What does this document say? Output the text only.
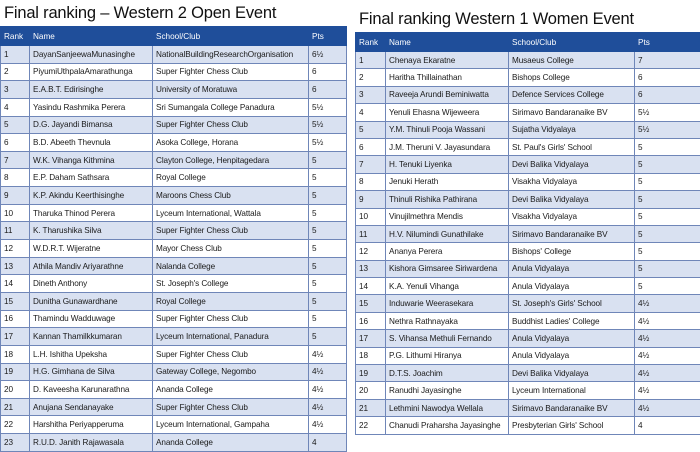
Final ranking – Western 2 Open Event
Rank	Name	School/Club	Pts
1	DayanSanjeewaMunasinghe	NationalBuildingResearchOrganisation	6½
2	PiyumiUthpalaAmarathunga	Super Fighter Chess Club	6
3	E.A.B.T. Edirisinghe	University of Moratuwa	6
4	Yasindu Rashmika Perera	Sri Sumangala College Panadura	5½
5	D.G. Jayandi Bimansa	Super Fighter Chess Club	5½
6	B.D. Abeeth Thevnula	Asoka College, Horana	5½
7	W.K. Vihanga Kithmina	Clayton College, Henpitagedara	5
8	E.P. Daham Sathsara	Royal College	5
9	K.P. Akindu Keerthisinghe	Maroons Chess Club	5
10	Tharuka Thinod Perera	Lyceum International, Wattala	5
11	K. Tharushika Silva	Super Fighter Chess Club	5
12	W.D.R.T. Wijeratne	Mayor Chess Club	5
13	Athila Mandiv Ariyarathne	Nalanda College	5
14	Dineth Anthony	St. Joseph's College	5
15	Dunitha Gunawardhane	Royal College	5
16	Thamindu Wadduwage	Super Fighter Chess Club	5
17	Kannan Thamilkkumaran	Lyceum International, Panadura	5
18	L.H. Ishitha Upeksha	Super Fighter Chess Club	4½
19	H.G. Gimhana de Silva	Gateway College, Negombo	4½
20	D. Kaveesha Karunarathna	Ananda College	4½
21	Anujana Sendanayake	Super Fighter Chess Club	4½
22	Harshitha Periyapperuma	Lyceum International, Gampaha	4½
23	R.U.D. Janith Rajawasala	Ananda College	4
Final ranking Western 1 Women Event
Rank	Name	School/Club	Pts
1	Chenaya Ekaratne	Musaeus College	7
2	Haritha Thillainathan	Bishops College	6
3	Raveeja Arundi Beminiwatta	Defence Services College	6
4	Yenuli Ehasna Wijeweera	Sirimavo Bandaranaike BV	5½
5	Y.M. Thinuli Pooja Wassani	Sujatha Vidyalaya	5½
6	J.M. Theruni V. Jayasundara	St. Paul's Girls' School	5
7	H. Tenuki Liyenka	Devi Balika Vidyalaya	5
8	Jenuki Herath	Visakha Vidyalaya	5
9	Thinuli Rishika Pathirana	Devi Balika Vidyalaya	5
10	Vinujilmethra Mendis	Visakha Vidyalaya	5
11	H.V. Nilumindi Gunathilake	Sirimavo Bandaranaike BV	5
12	Ananya Perera	Bishops' College	5
13	Kishora Gimsaree Siriwardena	Anula Vidyalaya	5
14	K.A. Yenuli Vihanga	Anula Vidyalaya	5
15	Induwarie Weerasekara	St. Joseph's Girls' School	4½
16	Nethra Rathnayaka	Buddhist Ladies' College	4½
17	S. Vihansa Methuli Fernando	Anula Vidyalaya	4½
18	P.G. Lithumi Hiranya	Anula Vidyalaya	4½
19	D.T.S. Joachim	Devi Balika Vidyalaya	4½
20	Ranudhi Jayasinghe	Lyceum International	4½
21	Lethmini Nawodya Wellala	Sirimavo Bandaranaike BV	4½
22	Chanudi Praharsha Jayasinghe	Presbyterian Girls' School	4
